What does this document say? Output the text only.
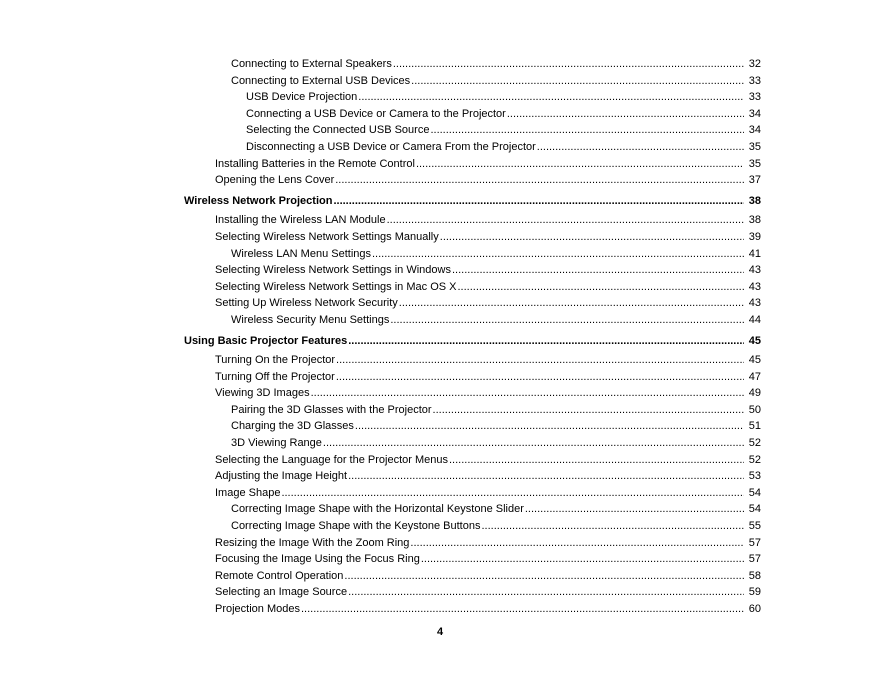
Connecting to External Speakers .....	32
Connecting to External USB Devices .....	33
USB Device Projection .....	33
Connecting a USB Device or Camera to the Projector .....	34
Selecting the Connected USB Source .....	34
Disconnecting a USB Device or Camera From the Projector .....	35
Installing Batteries in the Remote Control .....	35
Opening the Lens Cover .....	37
Wireless Network Projection .....	38
Installing the Wireless LAN Module .....	38
Selecting Wireless Network Settings Manually .....	39
Wireless LAN Menu Settings .....	41
Selecting Wireless Network Settings in Windows .....	43
Selecting Wireless Network Settings in Mac OS X .....	43
Setting Up Wireless Network Security .....	43
Wireless Security Menu Settings .....	44
Using Basic Projector Features .....	45
Turning On the Projector .....	45
Turning Off the Projector .....	47
Viewing 3D Images .....	49
Pairing the 3D Glasses with the Projector .....	50
Charging the 3D Glasses .....	51
3D Viewing Range .....	52
Selecting the Language for the Projector Menus .....	52
Adjusting the Image Height .....	53
Image Shape .....	54
Correcting Image Shape with the Horizontal Keystone Slider .....	54
Correcting Image Shape with the Keystone Buttons .....	55
Resizing the Image With the Zoom Ring .....	57
Focusing the Image Using the Focus Ring .....	57
Remote Control Operation .....	58
Selecting an Image Source .....	59
Projection Modes .....	60
4
